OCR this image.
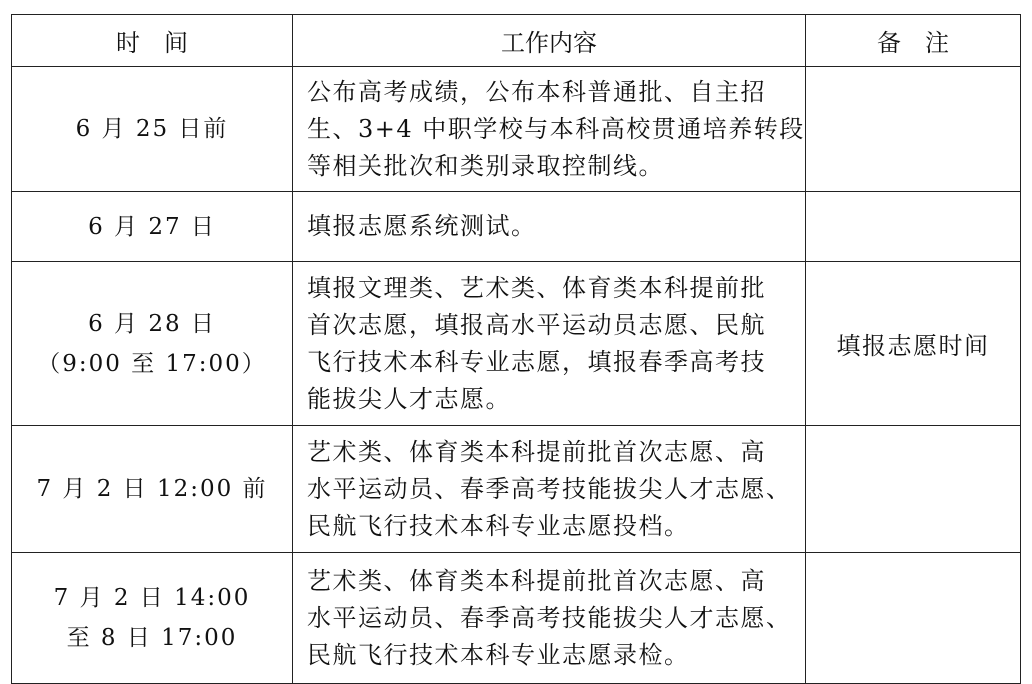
时　间	工作内容	备　注

6 月 25 日前	公布高考成绩，公布本科普通批、自主招
生、3+4 中职学校与本科高校贯通培养转段
等相关批次和类别录取控制线。	

6 月 27 日	填报志愿系统测试。	

6 月 28 日
（9:00 至 17:00）	填报文理类、艺术类、体育类本科提前批
首次志愿，填报高水平运动员志愿、民航
飞行技术本科专业志愿，填报春季高考技
能拔尖人才志愿。	填报志愿时间

7 月 2 日 12:00 前	艺术类、体育类本科提前批首次志愿、高
水平运动员、春季高考技能拔尖人才志愿、
民航飞行技术本科专业志愿投档。	

7 月 2 日 14:00
至 8 日 17:00	艺术类、体育类本科提前批首次志愿、高
水平运动员、春季高考技能拔尖人才志愿、
民航飞行技术本科专业志愿录检。	
